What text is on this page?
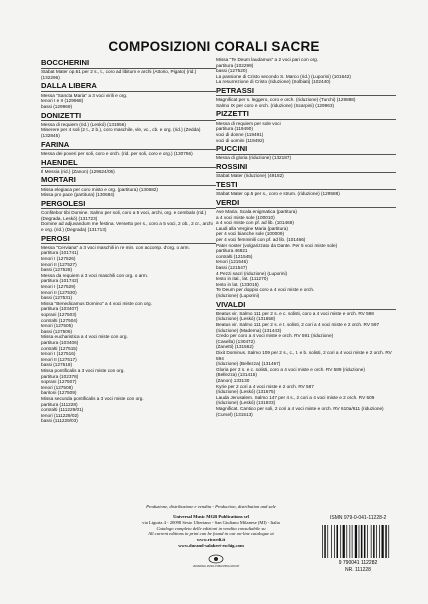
COMPOSIZIONI CORALI SACRE
BOCCHERINI
Stabat Mater op.61 per 2 s., t., coro ad libitum e archi (Attorio, Pigato) (rid.) (132296)
DALLA LIBERA
Messa "Sancta Maria" a 3 voci virili e org.
tenori I e II (129968)
bassi (129969)
DONIZETTI
Messa di requiem (rid.) (Leskó) (131956)
Miserere per 4 soli (2 t., 2 b.), coro maschile, vle, vc., cb. e org. (rid.) (Zedda) (132845)
FARINA
Messa dei poveri per soli, coro e orch. (rid. per soli, coro e org.) (130756)
HAENDEL
Il Messia (rid.) (Zanon) (129624/05)
MORTARI
Missa elegiaca per coro misto e org. (partitura) (130682)
Missa pro pace (partitura) (130684)
PERGOLESI
Confitebor tibi Domine. Salmo per soli, coro a 5 voci, archi, org. e cembalo (rid.) (Degrada, Leskó) (131723)
Domine ad adjuvandum me festina. Versetto per s., coro a 5 voci, 2 ob., 2 cr., archi e org. (rid.) (Degrada) (131713)
PEROSI
Messa "Cerviana" a 3 voci maschili in re min. con accomp. d'org. o arm.
partitura (101741)
tenori I (127526)
tenori II (127527)
bassi (127528)
Messa da requiem a 3 voci maschili con org. o arm.
partitura (101742)
tenori I (127529)
tenori II (127530)
bassi (127531)
Missa "Benedicamus Domino" a 4 voci miste con org.
partitura (103407)
soprani (127503)
contralti (127504)
tenori (127505)
bassi (127506)
Missa eucharistica a 4 voci miste con org.
partitura (103406)
contralti (127515)
tenori I (127516)
tenori II (127517)
bassi (127518)
Missa pontificalis a 3 voci miste con org.
partitura (102378)
soprani (127507)
tenori (127508)
baritoni (127509)
Missa secunda pontificalis a 3 voci miste con org.
partitura (111228)
contralti (111229/01)
tenori (111229/02)
bassi (111229/03)
Missa "Te Deum laudamus" a 2 voci pari con org.
partitura (102299)
bassi (127520)
La passione di Cristo secondo S. Marco (rid.) (Luporini) (101642)
La resurrezione di Cristo (riduzione) (Solbiati) (102440)
PETRASSI
Magnificat per s. leggero, coro e orch. (riduzione) (Turchi) (129888)
Salmo IX per coro e orch. (riduzione) (Scarpini) (129963)
PIZZETTI
Messa di requiem per sole voci
partitura (119490)
voci di donne (119491)
voci di uomini (119492)
PUCCINI
Messa di gloria (riduzione) (132187)
ROSSINI
Stabat Mater (riduzione) (49182)
TESTI
Stabat Mater op.5 per s., coro e strum. (riduzione) (129588)
VERDI
Ave Maria. Scala enigmatica (partitura)
a 4 voci miste sole (100010)
a 4 voci miste con pf. ad lib. (101468)
Laudi alla Vergine Maria (partitura)
per 4 voci bianche sole (100009)
per 4 voci femminili con pf. ad lib. (101466)
Pater noster (volgarizzato da Dante. Per 5 voci miste sole)
partitura 46821
contralti (121545)
tenori (121546)
bassi (121547)
4 Pezzi sacri (riduzione) (Luporini)
testo in ital., lat. (111270)
testo in lat. (133015)
Te Deum per doppio coro a 4 voci miste e orch.
(riduzione) (Luporini)
VIVALDI
Beatus vir. Salmo 111 per 2 s. e c. solisti, coro a 4 voci miste e orch. RV 598 (riduzione) (Leskó) (131658)
Beatus vir. Salmo 111 per 2 s. e t. solisti, 2 cori a 4 voci miste e 2 orch. RV 597 (riduzione) (Maderna) (131443)
Credo per coro a 4 voci miste e orch. RV 591 (riduzione)
(Casella) (130472)
(Zanetti) (131562)
Dixit Dominus. Salmo 109 per 2 s., c., t. e b. solisti, 2 cori a 4 voci miste e 2 orch. RV 594
(riduzione) (Bellezza) (131467)
Gloria per 2 s. e c. solisti, coro a 4 voci miste e orch. RV 589 (riduzione)
(Bellezza) (131415)
(Zanon) 133130
Kyrie per 2 cori a 4 voci miste e 2 orch. RV 587
(riduzione) (Leskó) (131675)
Lauda Jerusalem. Salmo 147 per 4 s., 2 cori a 4 voci miste e 2 orch. RV 609 (riduzione) (Leskó) (131933)
Magnificat. Cantico per soli, 2 cori a 4 voci miste e orch. RV 610a/611 (riduzione) (Cursel) (131513)
Produzione, distribuzione e vendita - Production, distribution and sale
Universal Music MGB Publications srl
via Liguria 4 - 20098 Sesto Ulteriano - San Giuliano Milanese (MI) - Italia
Catalogo completo delle edizioni in vendita consultabile su
All current editions in print can be found in our on-line catalogue at
www.ricordi.it
www.durand-salabert-eschig.com
UNIVERSAL MUSIC PUBLISHING GROUP
ISMN 979-0-041-11228-2
9 790041 112282
NR. 111228
